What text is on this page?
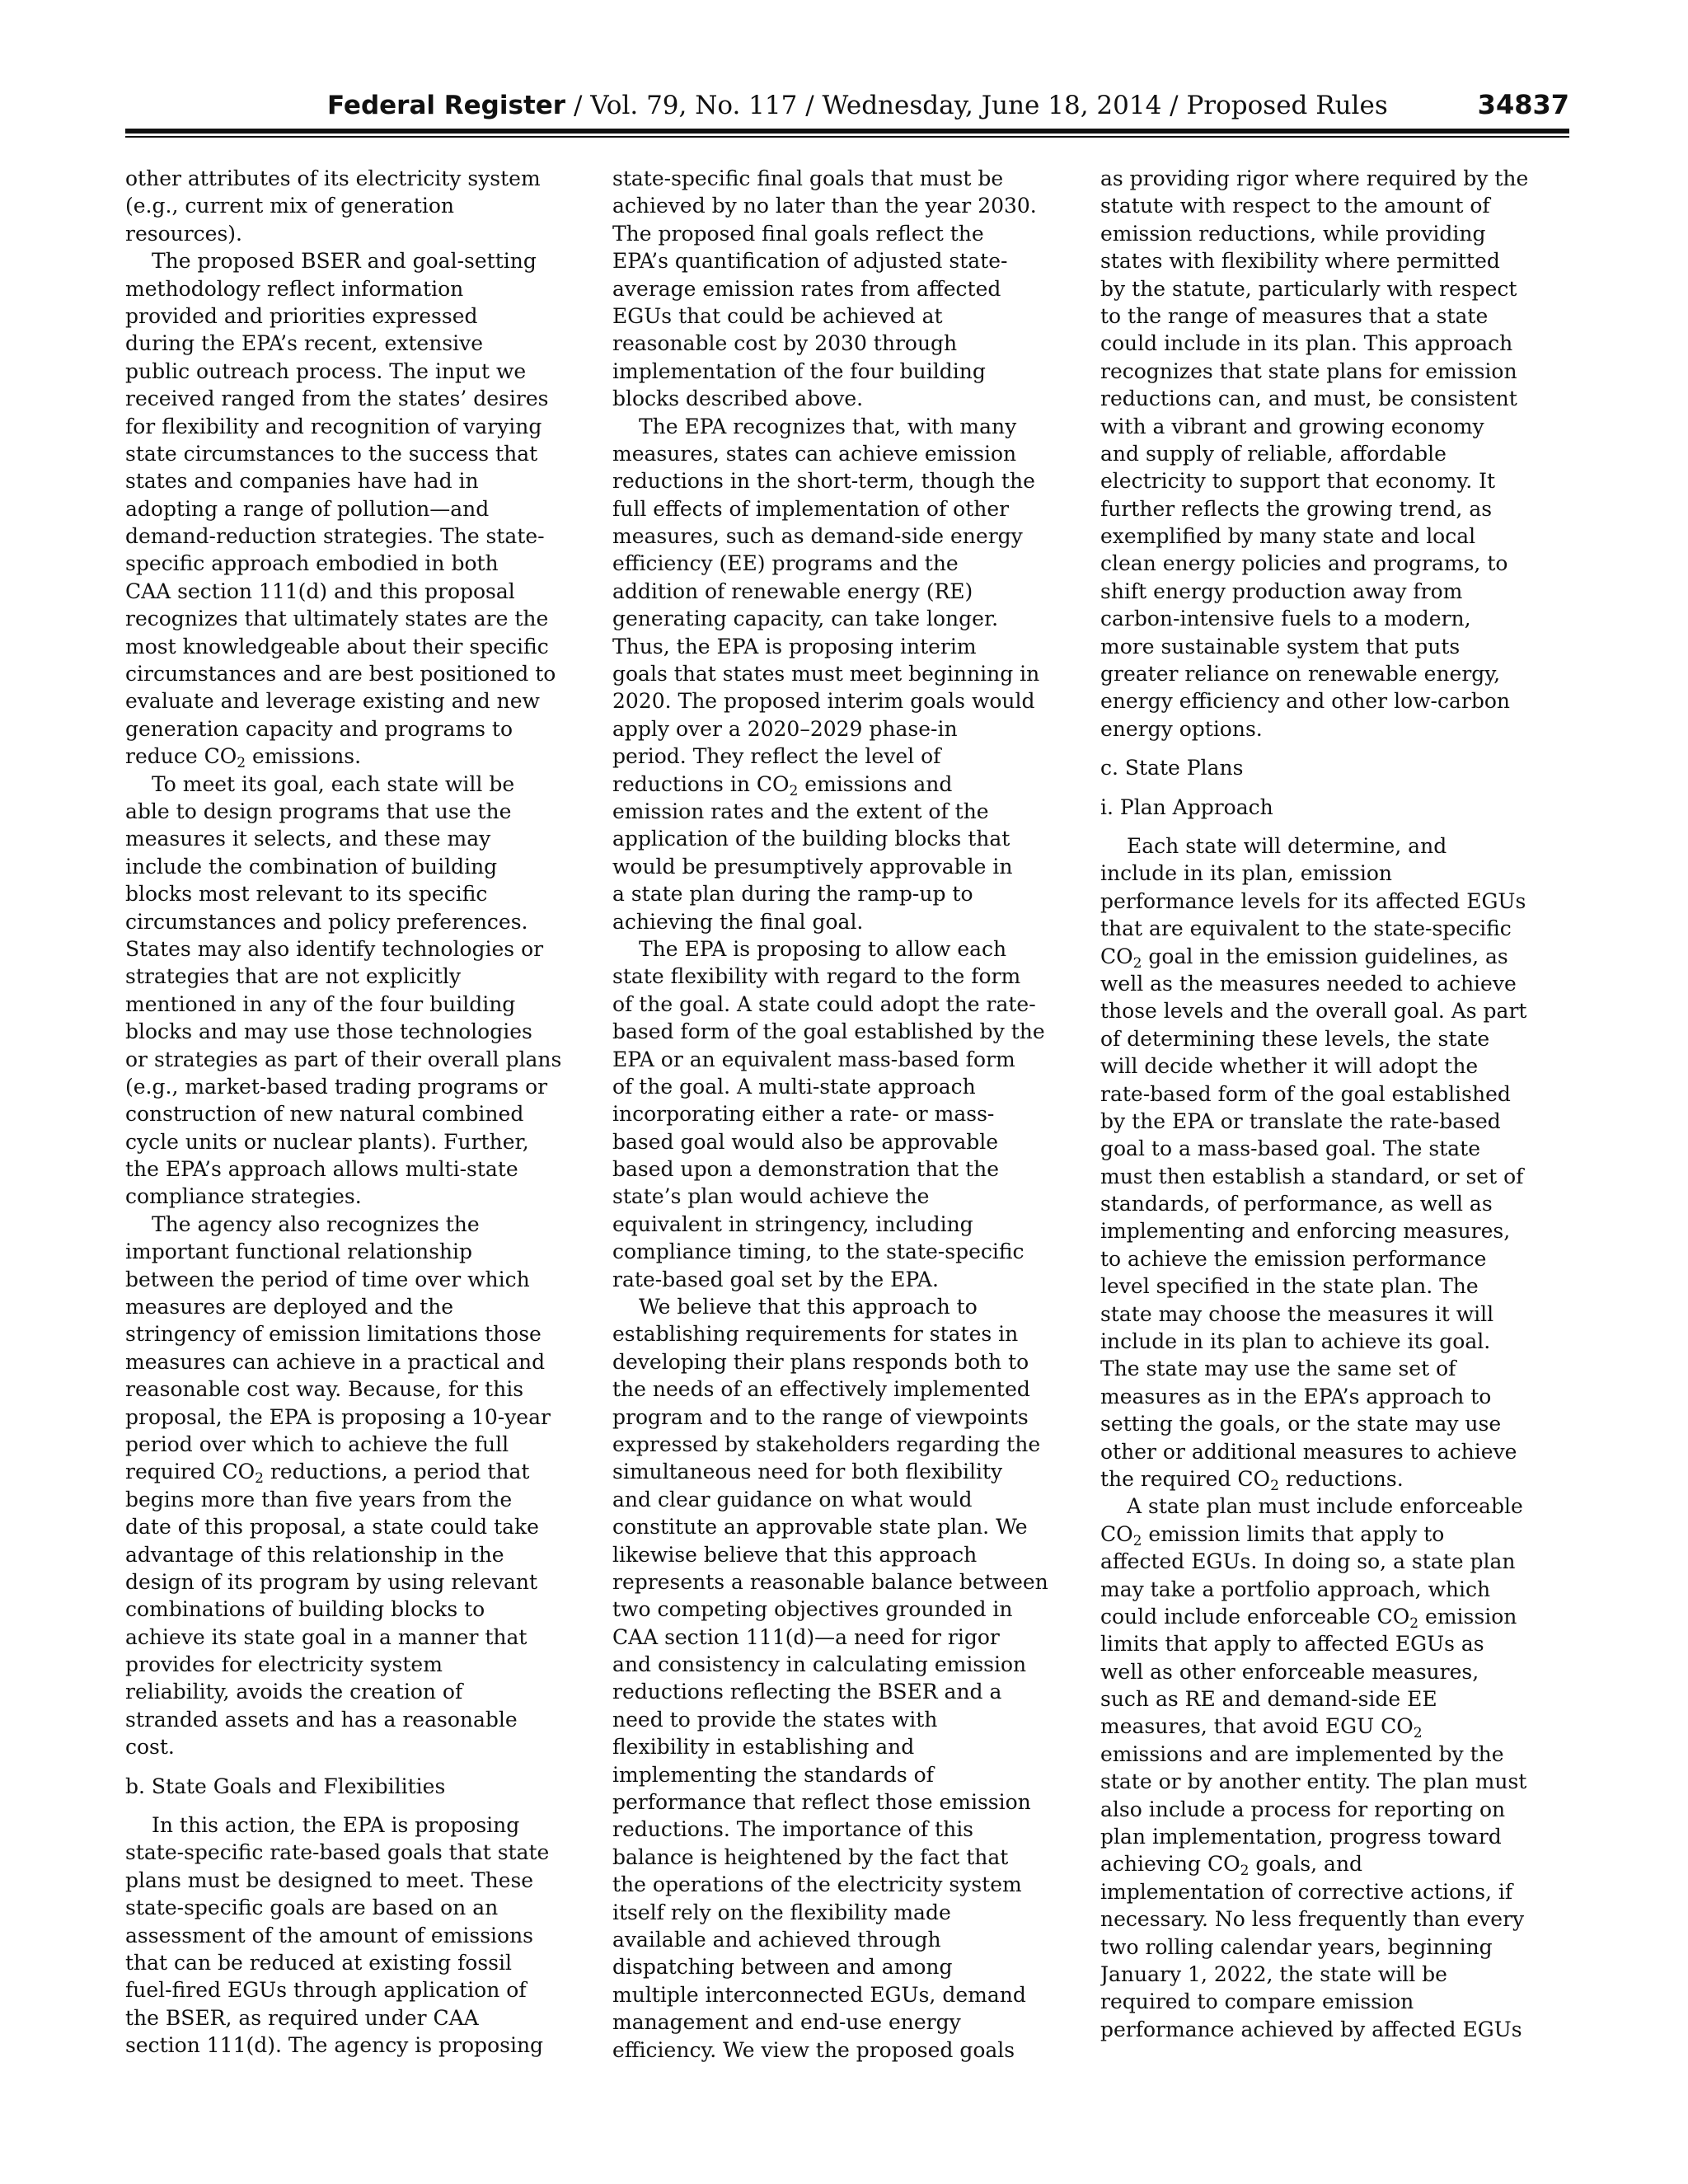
Federal Register / Vol. 79, No. 117 / Wednesday, June 18, 2014 / Proposed Rules	34837
other attributes of its electricity system
(e.g., current mix of generation
resources).
The proposed BSER and goal-setting
methodology reflect information
provided and priorities expressed
during the EPA’s recent, extensive
public outreach process. The input we
received ranged from the states’ desires
for flexibility and recognition of varying
state circumstances to the success that
states and companies have had in
adopting a range of pollution—and
demand-reduction strategies. The state-
specific approach embodied in both
CAA section 111(d) and this proposal
recognizes that ultimately states are the
most knowledgeable about their specific
circumstances and are best positioned to
evaluate and leverage existing and new
generation capacity and programs to
reduce $CO_2$ emissions.
To meet its goal, each state will be
able to design programs that use the
measures it selects, and these may
include the combination of building
blocks most relevant to its specific
circumstances and policy preferences.
States may also identify technologies or
strategies that are not explicitly
mentioned in any of the four building
blocks and may use those technologies
or strategies as part of their overall plans
(e.g., market-based trading programs or
construction of new natural combined
cycle units or nuclear plants). Further,
the EPA’s approach allows multi-state
compliance strategies.
The agency also recognizes the
important functional relationship
between the period of time over which
measures are deployed and the
stringency of emission limitations those
measures can achieve in a practical and
reasonable cost way. Because, for this
proposal, the EPA is proposing a 10-year
period over which to achieve the full
required $CO_2$ reductions, a period that
begins more than five years from the
date of this proposal, a state could take
advantage of this relationship in the
design of its program by using relevant
combinations of building blocks to
achieve its state goal in a manner that
provides for electricity system
reliability, avoids the creation of
stranded assets and has a reasonable
cost.
b. State Goals and Flexibilities
In this action, the EPA is proposing
state-specific rate-based goals that state
plans must be designed to meet. These
state-specific goals are based on an
assessment of the amount of emissions
that can be reduced at existing fossil
fuel-fired EGUs through application of
the BSER, as required under CAA
section 111(d). The agency is proposing
state-specific final goals that must be
achieved by no later than the year 2030.
The proposed final goals reflect the
EPA’s quantification of adjusted state-
average emission rates from affected
EGUs that could be achieved at
reasonable cost by 2030 through
implementation of the four building
blocks described above.
The EPA recognizes that, with many
measures, states can achieve emission
reductions in the short-term, though the
full effects of implementation of other
measures, such as demand-side energy
efficiency (EE) programs and the
addition of renewable energy (RE)
generating capacity, can take longer.
Thus, the EPA is proposing interim
goals that states must meet beginning in
2020. The proposed interim goals would
apply over a 2020–2029 phase-in
period. They reflect the level of
reductions in $CO_2$ emissions and
emission rates and the extent of the
application of the building blocks that
would be presumptively approvable in
a state plan during the ramp-up to
achieving the final goal.
The EPA is proposing to allow each
state flexibility with regard to the form
of the goal. A state could adopt the rate-
based form of the goal established by the
EPA or an equivalent mass-based form
of the goal. A multi-state approach
incorporating either a rate- or mass-
based goal would also be approvable
based upon a demonstration that the
state’s plan would achieve the
equivalent in stringency, including
compliance timing, to the state-specific
rate-based goal set by the EPA.
We believe that this approach to
establishing requirements for states in
developing their plans responds both to
the needs of an effectively implemented
program and to the range of viewpoints
expressed by stakeholders regarding the
simultaneous need for both flexibility
and clear guidance on what would
constitute an approvable state plan. We
likewise believe that this approach
represents a reasonable balance between
two competing objectives grounded in
CAA section 111(d)—a need for rigor
and consistency in calculating emission
reductions reflecting the BSER and a
need to provide the states with
flexibility in establishing and
implementing the standards of
performance that reflect those emission
reductions. The importance of this
balance is heightened by the fact that
the operations of the electricity system
itself rely on the flexibility made
available and achieved through
dispatching between and among
multiple interconnected EGUs, demand
management and end-use energy
efficiency. We view the proposed goals
as providing rigor where required by the
statute with respect to the amount of
emission reductions, while providing
states with flexibility where permitted
by the statute, particularly with respect
to the range of measures that a state
could include in its plan. This approach
recognizes that state plans for emission
reductions can, and must, be consistent
with a vibrant and growing economy
and supply of reliable, affordable
electricity to support that economy. It
further reflects the growing trend, as
exemplified by many state and local
clean energy policies and programs, to
shift energy production away from
carbon-intensive fuels to a modern,
more sustainable system that puts
greater reliance on renewable energy,
energy efficiency and other low-carbon
energy options.
c. State Plans
i. Plan Approach
Each state will determine, and
include in its plan, emission
performance levels for its affected EGUs
that are equivalent to the state-specific
$CO_2$ goal in the emission guidelines, as
well as the measures needed to achieve
those levels and the overall goal. As part
of determining these levels, the state
will decide whether it will adopt the
rate-based form of the goal established
by the EPA or translate the rate-based
goal to a mass-based goal. The state
must then establish a standard, or set of
standards, of performance, as well as
implementing and enforcing measures,
to achieve the emission performance
level specified in the state plan. The
state may choose the measures it will
include in its plan to achieve its goal.
The state may use the same set of
measures as in the EPA’s approach to
setting the goals, or the state may use
other or additional measures to achieve
the required $CO_2$ reductions.
A state plan must include enforceable
$CO_2$ emission limits that apply to
affected EGUs. In doing so, a state plan
may take a portfolio approach, which
could include enforceable $CO_2$ emission
limits that apply to affected EGUs as
well as other enforceable measures,
such as RE and demand-side EE
measures, that avoid EGU $CO_2$
emissions and are implemented by the
state or by another entity. The plan must
also include a process for reporting on
plan implementation, progress toward
achieving $CO_2$ goals, and
implementation of corrective actions, if
necessary. No less frequently than every
two rolling calendar years, beginning
January 1, 2022, the state will be
required to compare emission
performance achieved by affected EGUs
